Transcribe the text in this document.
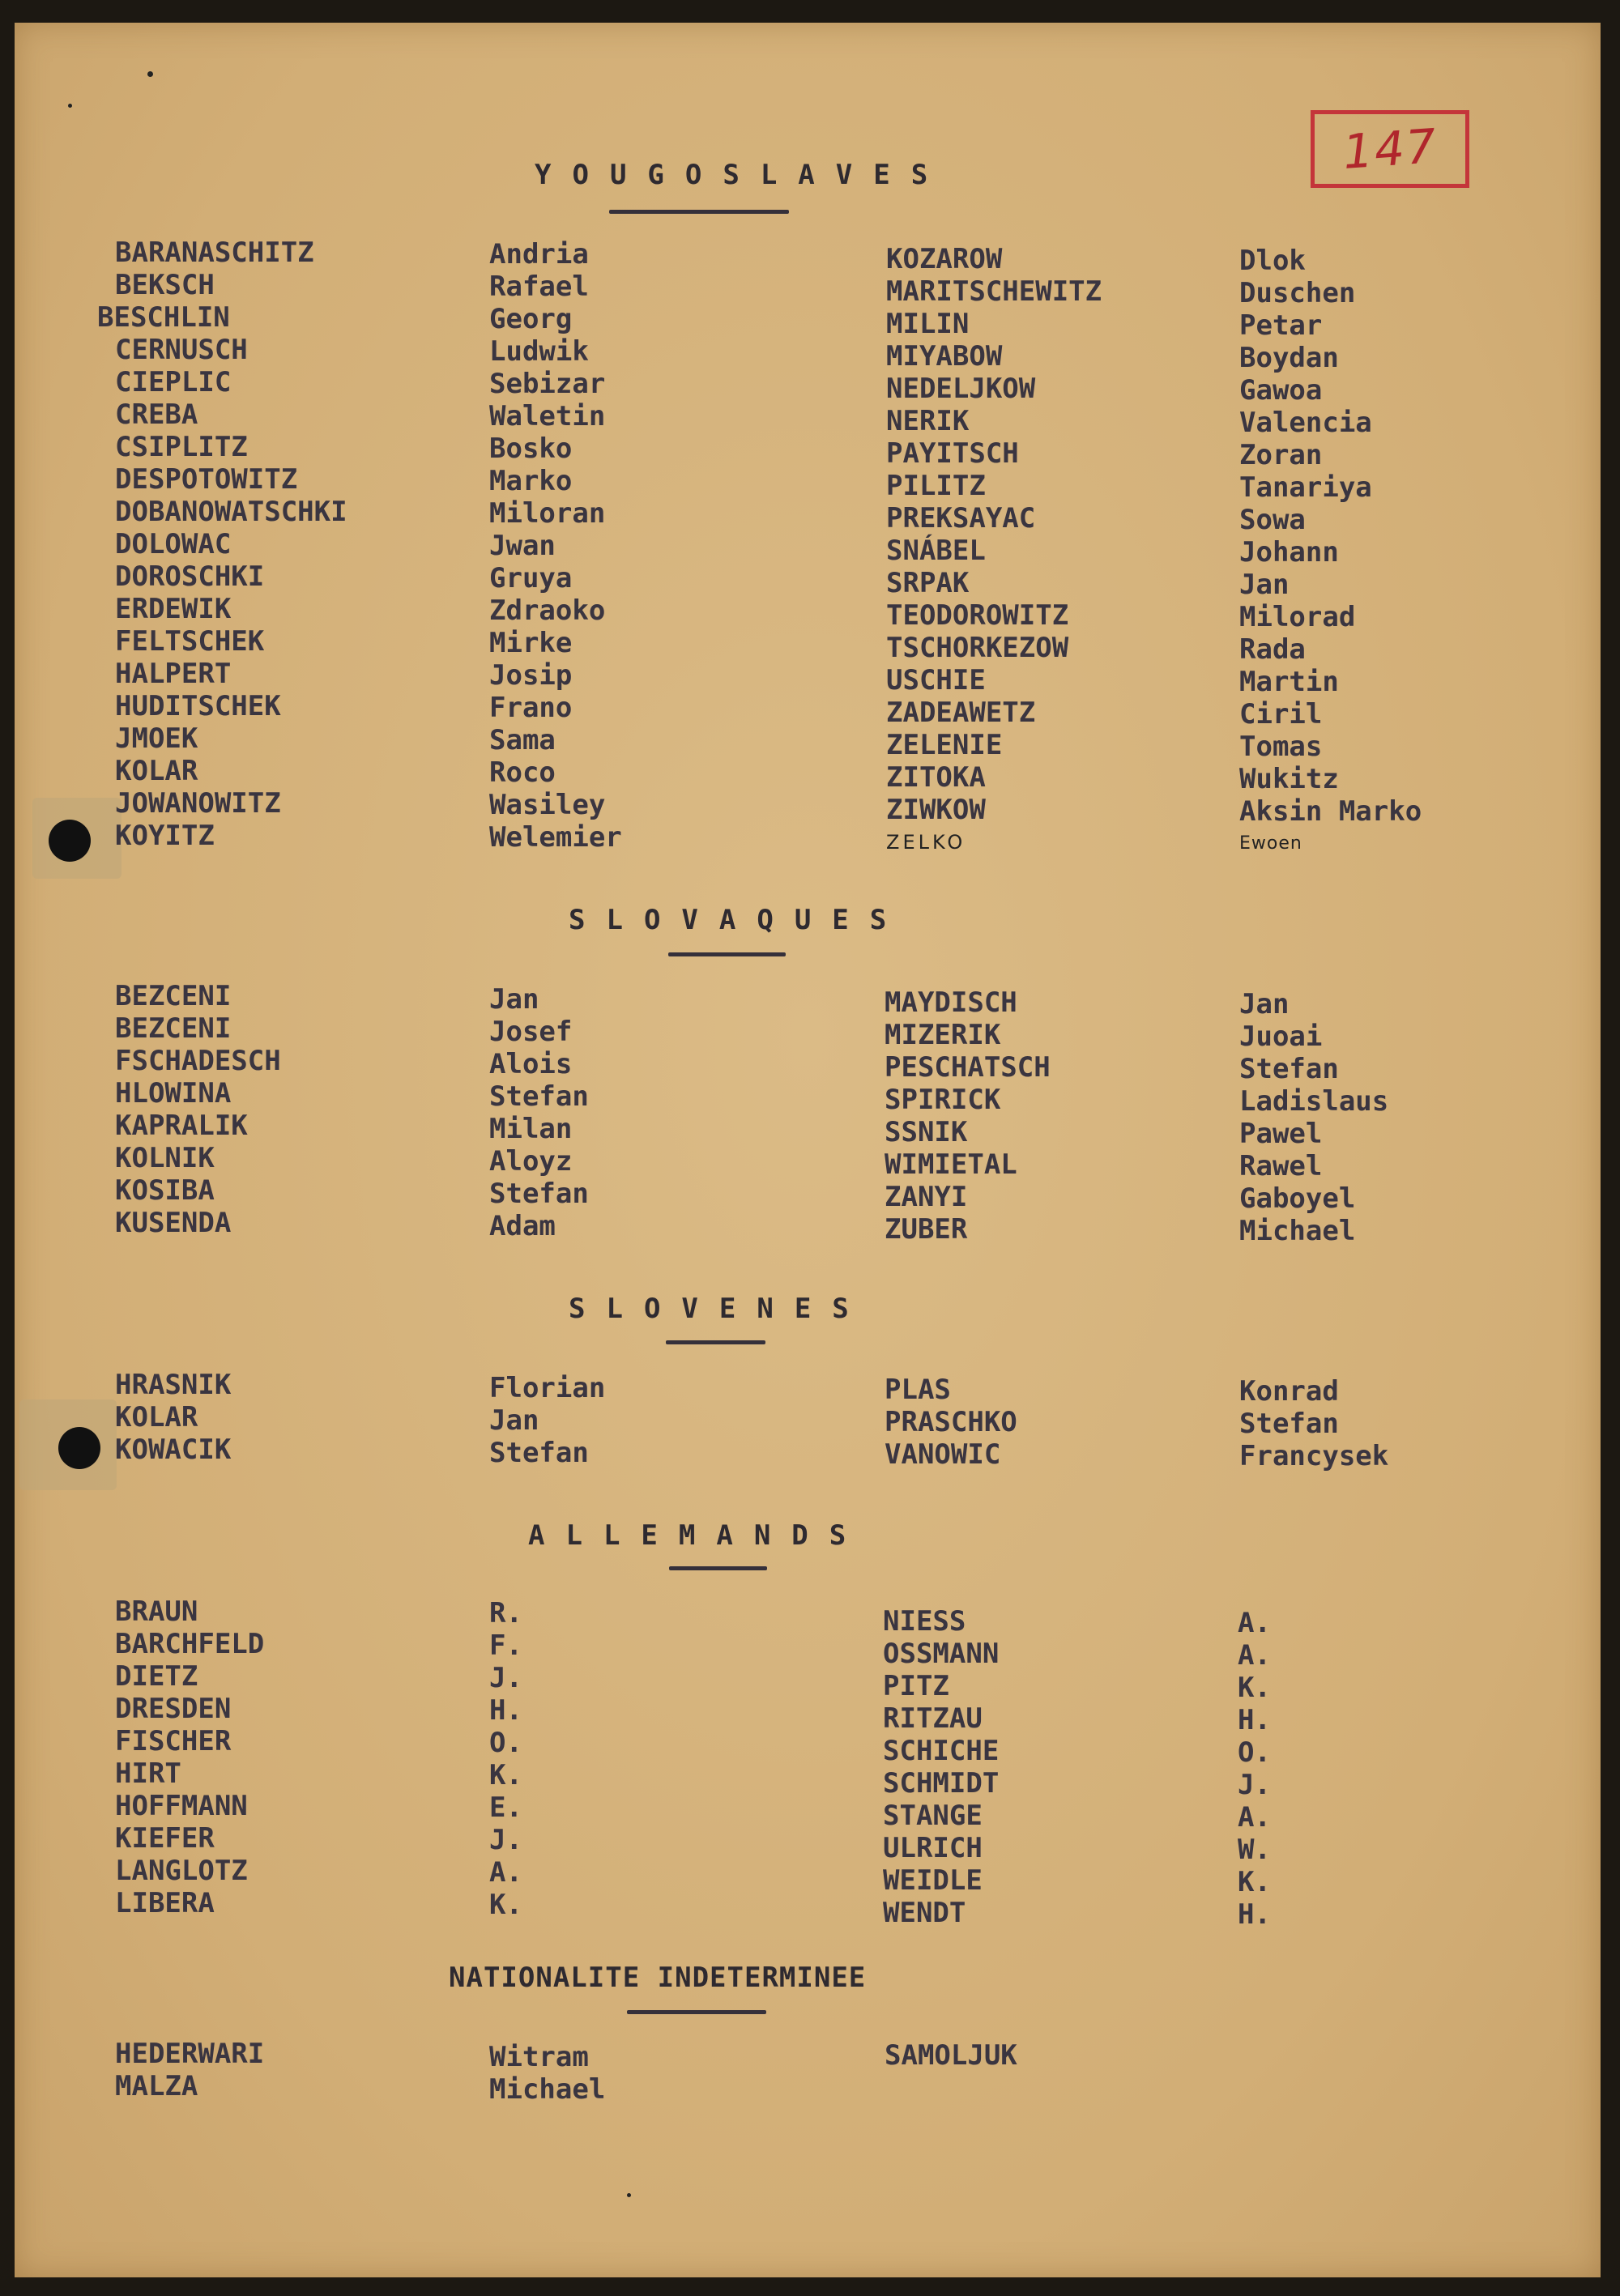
147
YOUGOSLAVES
SLOVAQUES
SLOVENES
ALLEMANDS
NATIONALITE INDETERMINEE
BARANASCHITZ
BEKSCH
BESCHLIN
CERNUSCH
CIEPLIC
CREBA
CSIPLITZ
DESPOTOWITZ
DOBANOWATSCHKI
DOLOWAC
DOROSCHKI
ERDEWIK
FELTSCHEK
HALPERT
HUDITSCHEK
JMOEK
KOLAR
JOWANOWITZ
KOYITZ
Andria
Rafael
Georg
Ludwik
Sebizar
Waletin
Bosko
Marko
Miloran
Jwan
Gruya
Zdraoko
Mirke
Josip
Frano
Sama
Roco
Wasiley
Welemier
KOZAROW
MARITSCHEWITZ
MILIN
MIYABOW
NEDELJKOW
NERIK
PAYITSCH
PILITZ
PREKSAYAC
SNÁBEL
SRPAK
TEODOROWITZ
TSCHORKEZOW
USCHIE
ZADEAWETZ
ZELENIE
ZITOKA
ZIWKOW
ZELKO
Dlok
Duschen
Petar
Boydan
Gawoa
Valencia
Zoran
Tanariya
Sowa
Johann
Jan
Milorad
Rada
Martin
Ciril
Tomas
Wukitz
Aksin Marko
Ewoen
BEZCENI
BEZCENI
FSCHADESCH
HLOWINA
KAPRALIK
KOLNIK
KOSIBA
KUSENDA
Jan
Josef
Alois
Stefan
Milan
Aloyz
Stefan
Adam
MAYDISCH
MIZERIK
PESCHATSCH
SPIRICK
SSNIK
WIMIETAL
ZANYI
ZUBER
Jan
Juoai
Stefan
Ladislaus
Pawel
Rawel
Gaboyel
Michael
HRASNIK
KOLAR
KOWACIK
Florian
Jan
Stefan
PLAS
PRASCHKO
VANOWIC
Konrad
Stefan
Francysek
BRAUN
BARCHFELD
DIETZ
DRESDEN
FISCHER
HIRT
HOFFMANN
KIEFER
LANGLOTZ
LIBERA
R.
F.
J.
H.
O.
K.
E.
J.
A.
K.
NIESS
OSSMANN
PITZ
RITZAU
SCHICHE
SCHMIDT
STANGE
ULRICH
WEIDLE
WENDT
A.
A.
K.
H.
O.
J.
A.
W.
K.
H.
HEDERWARI
MALZA
Witram
Michael
SAMOLJUK
